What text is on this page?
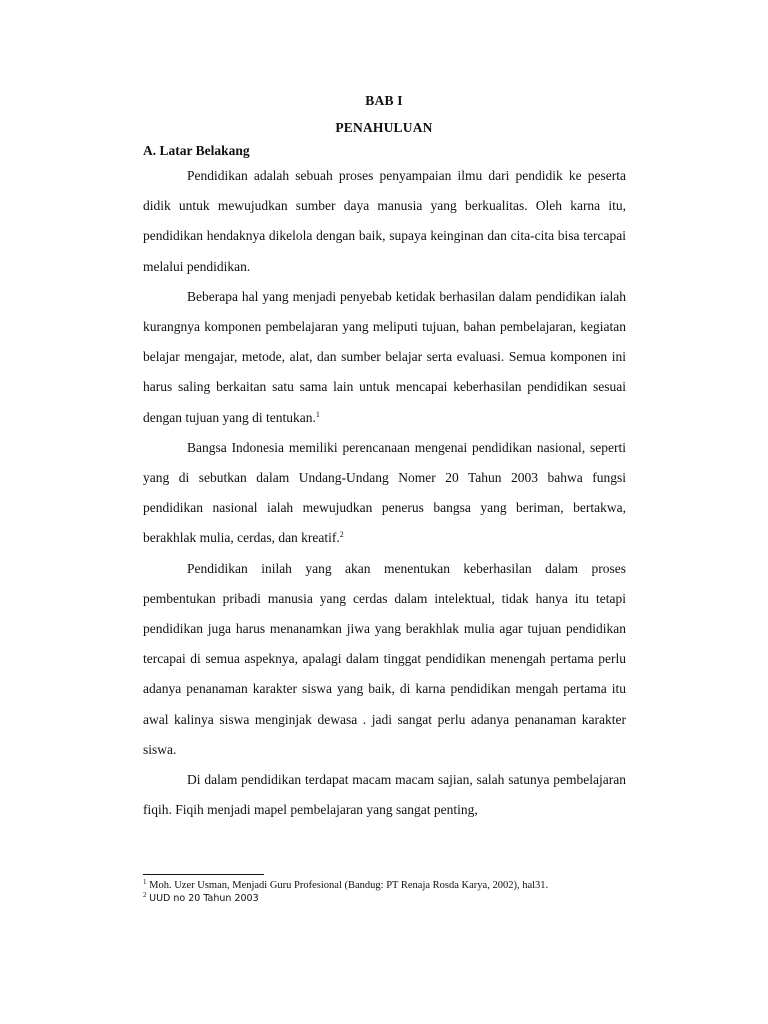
BAB I
PENAHULUAN
A. Latar Belakang

Pendidikan adalah sebuah proses penyampaian ilmu dari pendidik ke peserta didik untuk mewujudkan sumber daya manusia yang berkualitas. Oleh karna itu, pendidikan hendaknya dikelola dengan baik, supaya keinginan dan cita-cita bisa tercapai melalui pendidikan.

Beberapa hal yang menjadi penyebab ketidak berhasilan dalam pendidikan ialah kurangnya komponen pembelajaran yang meliputi tujuan, bahan pembelajaran, kegiatan belajar mengajar, metode, alat, dan sumber belajar serta evaluasi. Semua komponen ini harus saling berkaitan satu sama lain untuk mencapai keberhasilan pendidikan sesuai dengan tujuan yang di tentukan.$^1$

Bangsa Indonesia memiliki perencanaan mengenai pendidikan nasional, seperti yang di sebutkan dalam Undang-Undang Nomer 20 Tahun 2003 bahwa fungsi pendidikan nasional ialah mewujudkan penerus bangsa yang beriman, bertakwa, berakhlak mulia, cerdas, dan kreatif.$^2$

Pendidikan inilah yang akan menentukan keberhasilan dalam proses pembentukan pribadi manusia yang cerdas dalam intelektual, tidak hanya itu tetapi pendidikan juga harus menanamkan jiwa yang berakhlak mulia agar tujuan pendidikan tercapai di semua aspeknya, apalagi dalam tinggat pendidikan menengah pertama perlu adanya penanaman karakter siswa yang baik, di karna pendidikan mengah pertama itu awal kalinya siswa menginjak dewasa . jadi sangat perlu adanya penanaman karakter siswa.

Di dalam pendidikan terdapat macam macam sajian, salah satunya pembelajaran fiqih. Fiqih menjadi mapel pembelajaran yang sangat penting,

$^1$ Moh. Uzer Usman, Menjadi Guru Profesional (Bandug: PT Renaja Rosda Karya, 2002), hal31.

$^2$ UUD no 20 Tahun 2003
